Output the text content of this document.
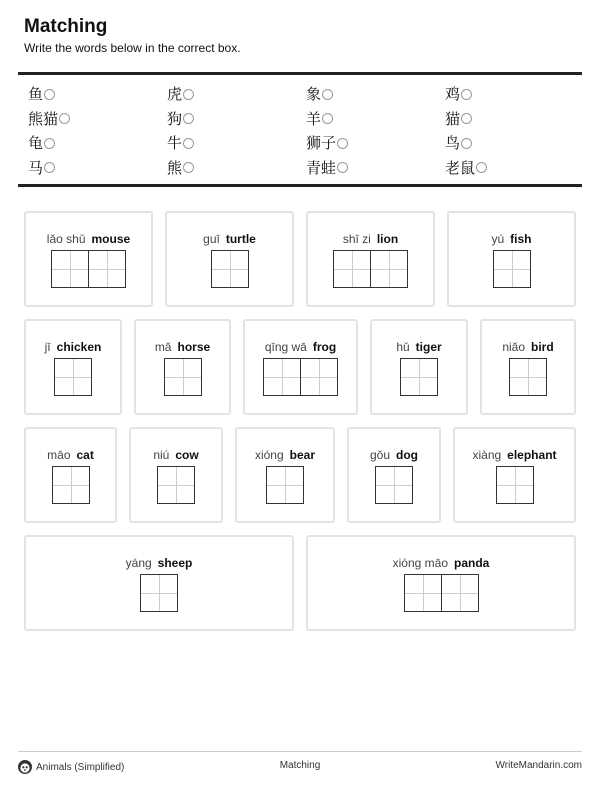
Matching
Write the words below in the correct box.
鱼	虎	象	鸡
熊猫	狗	羊	猫
龟	牛	狮子	鸟
马	熊	青蛙	老鼠
lǎo shǔ mouse	guī turtle	shī zi lion	yú fish
jī chicken	mǎ horse	qīng wā frog	hǔ tiger	niǎo bird
māo cat	niú cow	xióng bear	gǒu dog	xiàng elephant
yáng sheep	xióng māo panda
Animals (Simplified)	Matching	WriteMandarin.com
